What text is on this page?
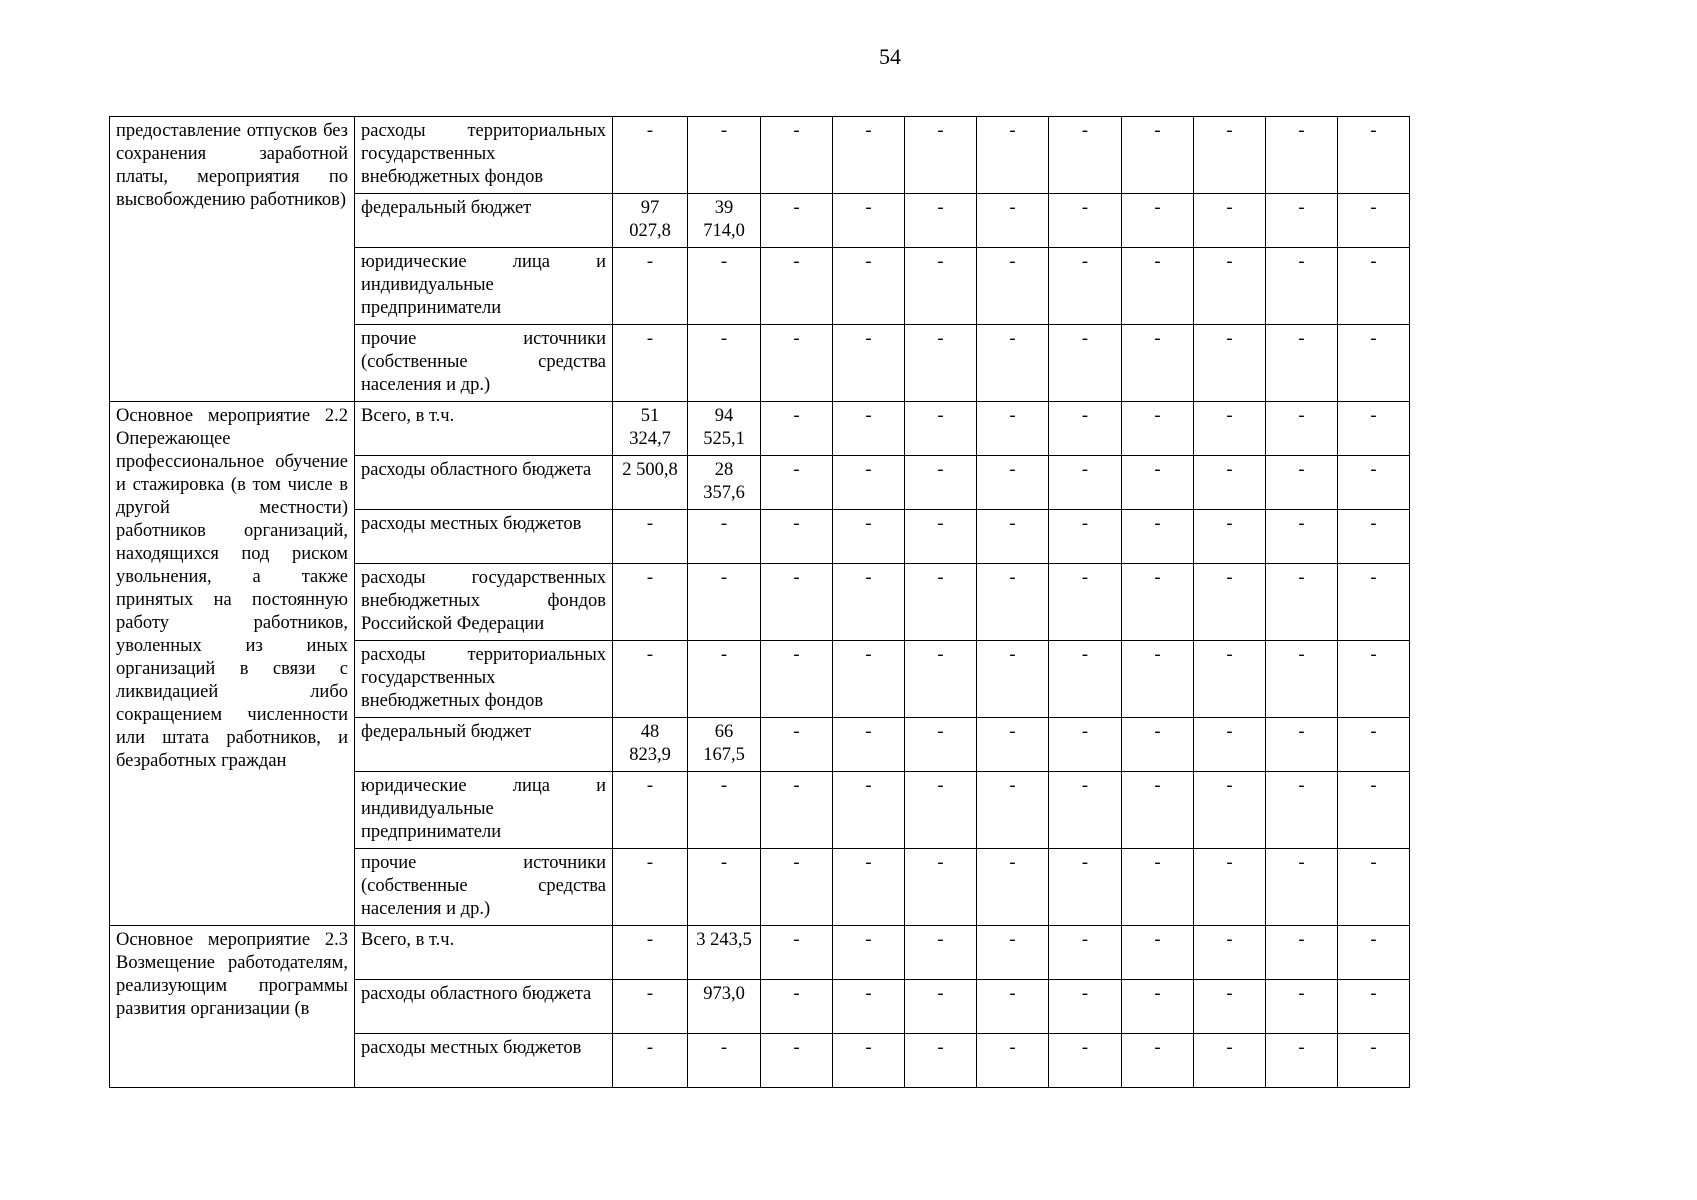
54
предоставление отпусков без сохранения заработной платы, мероприятия по высвобождению работников)	расходы территориальных государственных внебюджетных фондов	-	-	-	-	-	-	-	-	-	-	-
	федеральный бюджет	97 027,8	39 714,0	-	-	-	-	-	-	-	-	-
	юридические лица и индивидуальные предприниматели	-	-	-	-	-	-	-	-	-	-	-
	прочие источники (собственные средства населения и др.)	-	-	-	-	-	-	-	-	-	-	-
Основное мероприятие 2.2 Опережающее профессиональное обучение и стажировка (в том числе в другой местности) работников организаций, находящихся под риском увольнения, а также принятых на постоянную работу работников, уволенных из иных организаций в связи с ликвидацией либо сокращением численности или штата работников, и безработных граждан	Всего, в т.ч.	51 324,7	94 525,1	-	-	-	-	-	-	-	-	-
	расходы областного бюджета	2 500,8	28 357,6	-	-	-	-	-	-	-	-	-
	расходы местных бюджетов	-	-	-	-	-	-	-	-	-	-	-
	расходы государственных внебюджетных фондов Российской Федерации	-	-	-	-	-	-	-	-	-	-	-
	расходы территориальных государственных внебюджетных фондов	-	-	-	-	-	-	-	-	-	-	-
	федеральный бюджет	48 823,9	66 167,5	-	-	-	-	-	-	-	-	-
	юридические лица и индивидуальные предприниматели	-	-	-	-	-	-	-	-	-	-	-
	прочие источники (собственные средства населения и др.)	-	-	-	-	-	-	-	-	-	-	-
Основное мероприятие 2.3 Возмещение работодателям, реализующим программы развития организации (в	Всего, в т.ч.	-	3 243,5	-	-	-	-	-	-	-	-	-
	расходы областного бюджета	-	973,0	-	-	-	-	-	-	-	-	-
	расходы местных бюджетов	-	-	-	-	-	-	-	-	-	-	-
